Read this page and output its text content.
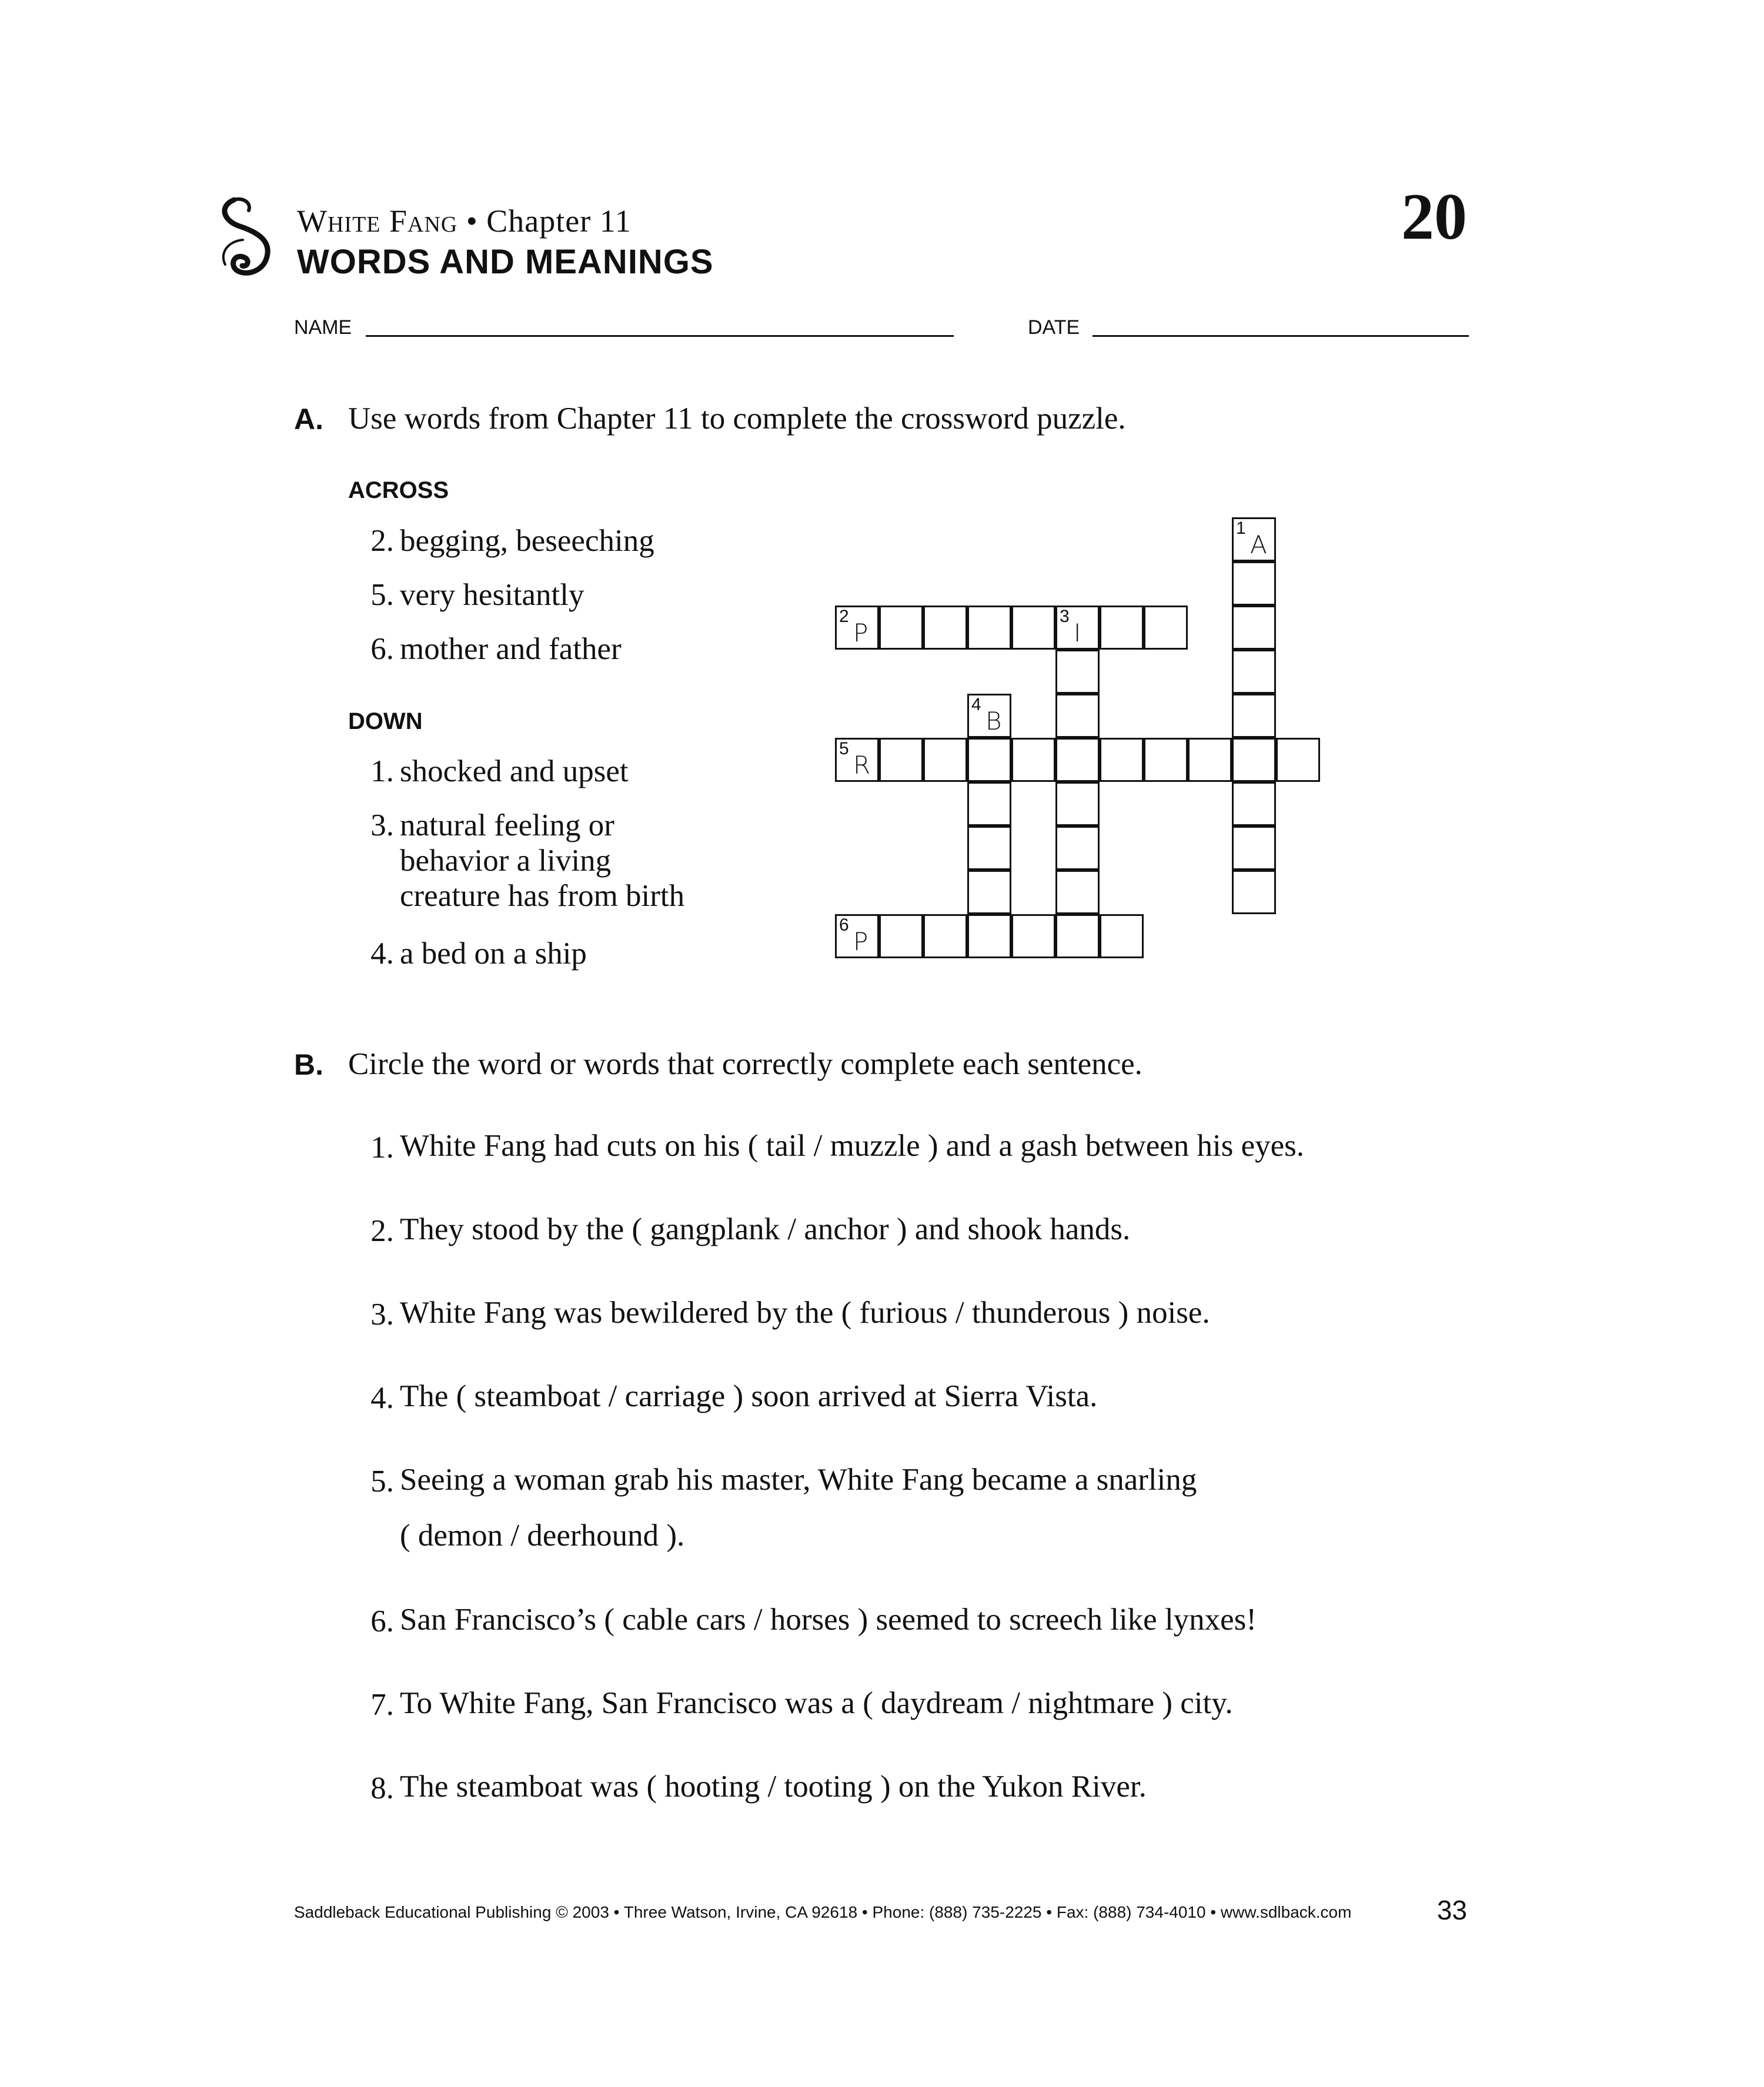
White Fang • Chapter 11
WORDS AND MEANINGS
20
NAME	DATE
A. Use words from Chapter 11 to complete the crossword puzzle.
ACROSS
2. begging, beseeching
5. very hesitantly
6. mother and father
DOWN
1. shocked and upset
3. natural feeling or
behavior a living
creature has from birth
4. a bed on a ship
1
A
2
P
3
I
4
B
5
R
6
P
B. Circle the word or words that correctly complete each sentence.
1. White Fang had cuts on his ( tail / muzzle ) and a gash between his eyes.
2. They stood by the ( gangplank / anchor ) and shook hands.
3. White Fang was bewildered by the ( furious / thunderous ) noise.
4. The ( steamboat / carriage ) soon arrived at Sierra Vista.
5. Seeing a woman grab his master, White Fang became a snarling
( demon / deerhound ).
6. San Francisco’s ( cable cars / horses ) seemed to screech like lynxes!
7. To White Fang, San Francisco was a ( daydream / nightmare ) city.
8. The steamboat was ( hooting / tooting ) on the Yukon River.
Saddleback Educational Publishing © 2003 • Three Watson, Irvine, CA 92618 • Phone: (888) 735-2225 • Fax: (888) 734-4010 • www.sdlback.com	33
